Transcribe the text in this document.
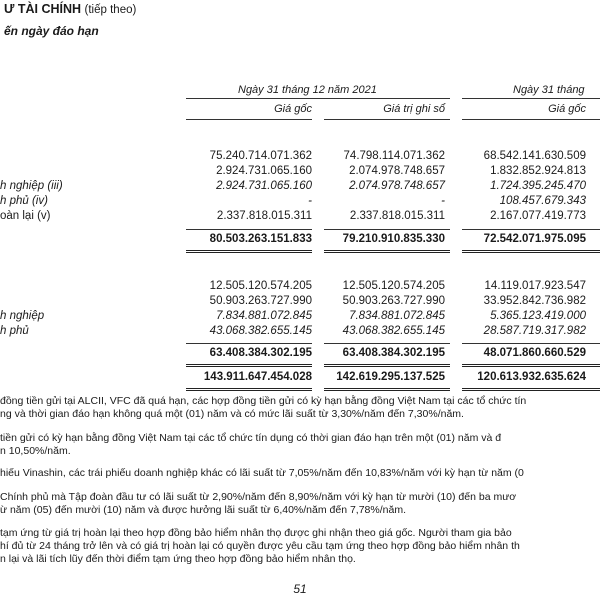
Ư TÀI CHÍNH (tiếp theo)
ến ngày đáo hạn
Ngày 31 tháng 12 năm 2021	Ngày 31 tháng
Giá gốc	Giá trị ghi sổ	Giá gốc
75.240.714.071.362	74.798.114.071.362	68.542.141.630.509
2.924.731.065.160	2.074.978.748.657	1.832.852.924.813
h nghiệp (iii)	2.924.731.065.160	2.074.978.748.657	1.724.395.245.470
h phủ (iv)	-	-	108.457.679.343
oàn lại (v)	2.337.818.015.311	2.337.818.015.311	2.167.077.419.773
80.503.263.151.833	79.210.910.835.330	72.542.071.975.095
12.505.120.574.205	12.505.120.574.205	14.119.017.923.547
50.903.263.727.990	50.903.263.727.990	33.952.842.736.982
h nghiệp	7.834.881.072.845	7.834.881.072.845	5.365.123.419.000
h phủ	43.068.382.655.145	43.068.382.655.145	28.587.719.317.982
63.408.384.302.195	63.408.384.302.195	48.071.860.660.529
143.911.647.454.028	142.619.295.137.525	120.613.932.635.624
đồng tiền gửi tại ALCII, VFC đã quá hạn, các hợp đồng tiền gửi có kỳ hạn bằng đồng Việt Nam tại các tổ chức tín
ng và thời gian đáo hạn không quá một (01) năm và có mức lãi suất từ 3,30%/năm đến 7,30%/năm.
tiền gửi có kỳ hạn bằng đồng Việt Nam tại các tổ chức tín dụng có thời gian đáo hạn trên một (01) năm và đ
n 10,50%/năm.
hiếu Vinashin, các trái phiếu doanh nghiệp khác có lãi suất từ 7,05%/năm đến 10,83%/năm với kỳ hạn từ năm (0
Chính phủ mà Tập đoàn đầu tư có lãi suất từ 2,90%/năm đến 8,90%/năm với kỳ hạn từ mười (10) đến ba mươ
ừ năm (05) đến mười (10) năm và được hưởng lãi suất từ 6,40%/năm đến 7,78%/năm.
tạm ứng từ giá trị hoàn lại theo hợp đồng bảo hiểm nhân thọ được ghi nhận theo giá gốc. Người tham gia bảo
hí đủ từ 24 tháng trở lên và có giá trị hoàn lại có quyền được yêu cầu tạm ứng theo hợp đồng bảo hiểm nhân th
n lại và lãi tích lũy đến thời điểm tạm ứng theo hợp đồng bảo hiểm nhân thọ.
51
